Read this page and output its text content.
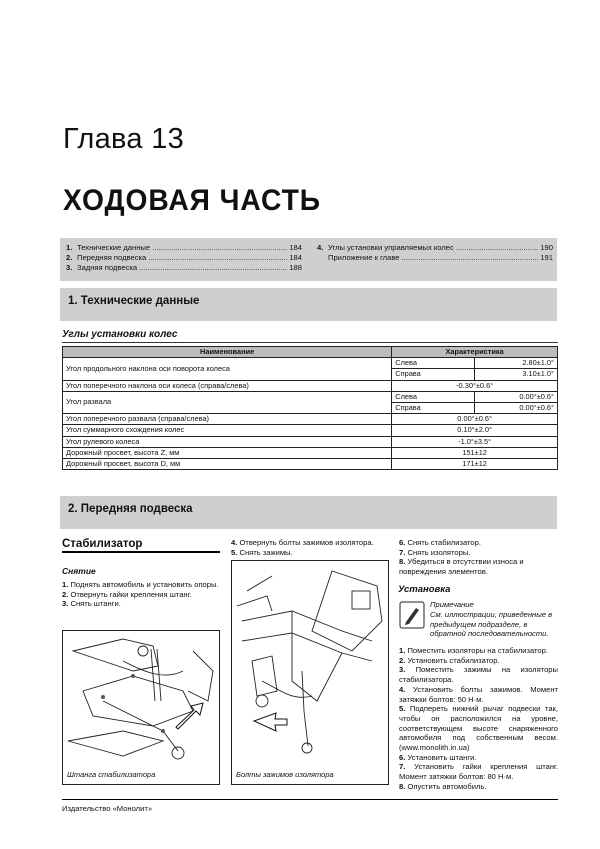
Глава 13
ХОДОВАЯ ЧАСТЬ
1. Технические данные .....	184
2. Передняя подвеска .....	184
3. Задняя подвеска .....	188
4. Углы установки управляемых колес .....	190
Приложение к главе .....	191
1. Технические данные
Углы установки колес
Наименование	Характеристика	
Угол продольного наклона оси поворота колеса	Слева	2.80±1.0°
	Справа	3.10±1.0°
Угол поперечного наклона оси колеса (справа/слева)	-0.30°±0.6°	
Угол развала	Слева	0.00°±0.6°
	Справа	0.00°±0.6°
Угол поперечного развала (справа/слева)	0.00°±0.6°	
Угол суммарного схождения колес	0.10°±2.0°	
Угол рулевого колеса	-1.0°±3.5°	
Дорожный просвет, высота Z, мм	151±12	
Дорожный просвет, высота D, мм	171±12	
2. Передняя подвеска
Стабилизатор
Снятие
1. Поднять автомобиль и установить опоры.
2. Отвернуть гайки крепления штанг.
3. Снять штанги.
Штанга стабилизатора
4. Отвернуть болты зажимов изолятора.
5. Снять зажимы.
Болты зажимов изолятора
6. Снять стабилизатор.
7. Снять изоляторы.
8. Убедиться в отсутствии износа и повреждения элементов.
Установка
Примечание
См. иллюстрации, приведенные в предыдущем подразделе, в обратной последовательности.
1. Поместить изоляторы на стабилизатор.
2. Установить стабилизатор.
3. Поместить зажимы на изоляторы стабилизатора.
4. Установить болты зажимов. Момент затяжки болтов: 50 Н·м.
5. Подпереть нижний рычаг подвески так, чтобы он расположился на уровне, соответствующем высоте снаряженного автомобиля под собственным весом. (www.monolith.in.ua)
6. Установить штанги.
7. Установить гайки крепления штанг. Момент затяжки болтов: 80 Н·м.
8. Опустить автомобиль.
Издательство «Монолит»
